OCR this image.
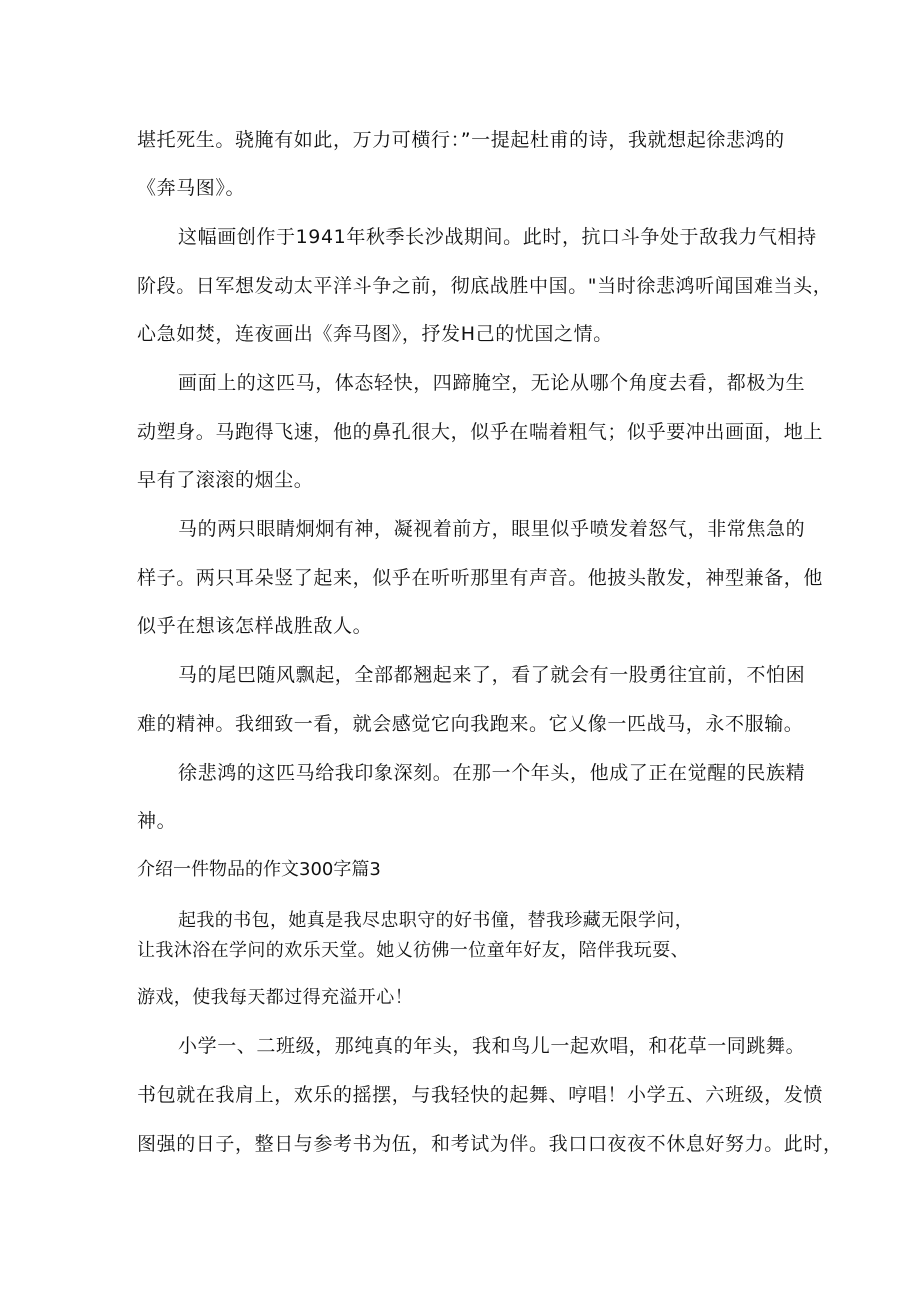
堪托死生。骁腌有如此，万力可横行：”一提起杜甫的诗，我就想起徐悲鸿的
《奔马图》。
这幅画创作于1941年秋季长沙战期间。此时，抗口斗争处于敌我力气相持
阶段。日军想发动太平洋斗争之前，彻底战胜中国。"当时徐悲鸿听闻国难当头，
心急如焚，连夜画出《奔马图》，抒发H己的忧国之情。
画面上的这匹马，体态轻快，四蹄腌空，无论从哪个角度去看，都极为生
动塑身。马跑得飞速，他的鼻孔很大，似乎在喘着粗气；似乎要冲出画面，地上
早有了滚滚的烟尘。
马的两只眼睛炯炯有神，凝视着前方，眼里似乎喷发着怒气，非常焦急的
样子。两只耳朵竖了起来，似乎在听听那里有声音。他披头散发，神型兼备，他
似乎在想该怎样战胜敌人。
马的尾巴随风飘起，全部都翘起来了，看了就会有一股勇往宜前，不怕困
难的精神。我细致一看，就会感觉它向我跑来。它乂像一匹战马，永不服输。
徐悲鸿的这匹马给我印象深刻。在那一个年头，他成了正在觉醒的民族精
神。
介绍一件物品的作文300字篇3
起我的书包，她真是我尽忠职守的好书僮，替我珍藏无限学问，
让我沐浴在学问的欢乐天堂。她乂彷佛一位童年好友，陪伴我玩耍、
游戏，使我每天都过得充溢开心！
小学一、二班级，那纯真的年头，我和鸟儿一起欢唱，和花草一同跳舞。
书包就在我肩上，欢乐的摇摆，与我轻快的起舞、哼唱！小学五、六班级，发愤
图强的日子，整日与参考书为伍，和考试为伴。我口口夜夜不休息好努力。此时，
